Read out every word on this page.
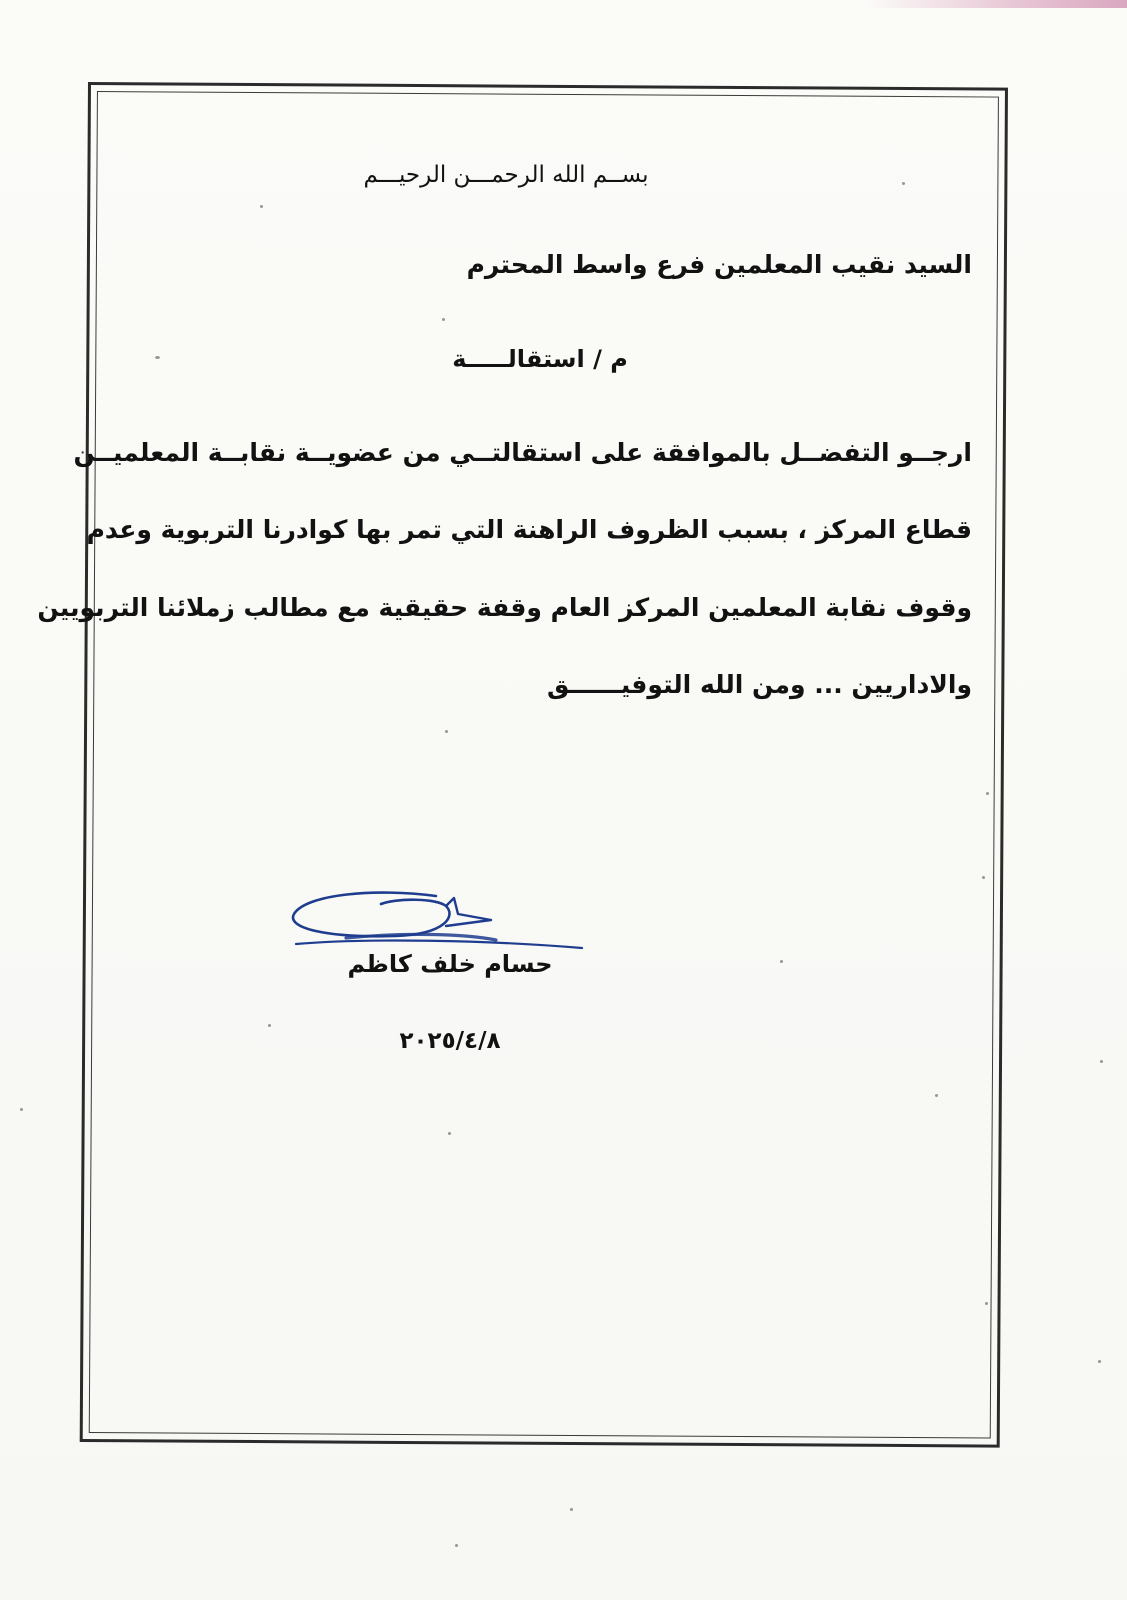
بســم الله الرحمـــن الرحيـــم
السيد نقيب المعلمين فرع واسط المحترم
م / استقالـــــة
ارجــو التفضــل بالموافقة على استقالتــي من عضويــة نقابــة المعلميــن
قطاع المركز ، بسبب الظروف الراهنة التي تمر بها كوادرنا التربوية وعدم
وقوف نقابة المعلمين المركز العام وقفة حقيقية مع مطالب زملائنا التربويين
والاداريين ... ومن الله التوفيــــــق
حسام خلف كاظم
٢٠٢٥/٤/٨
